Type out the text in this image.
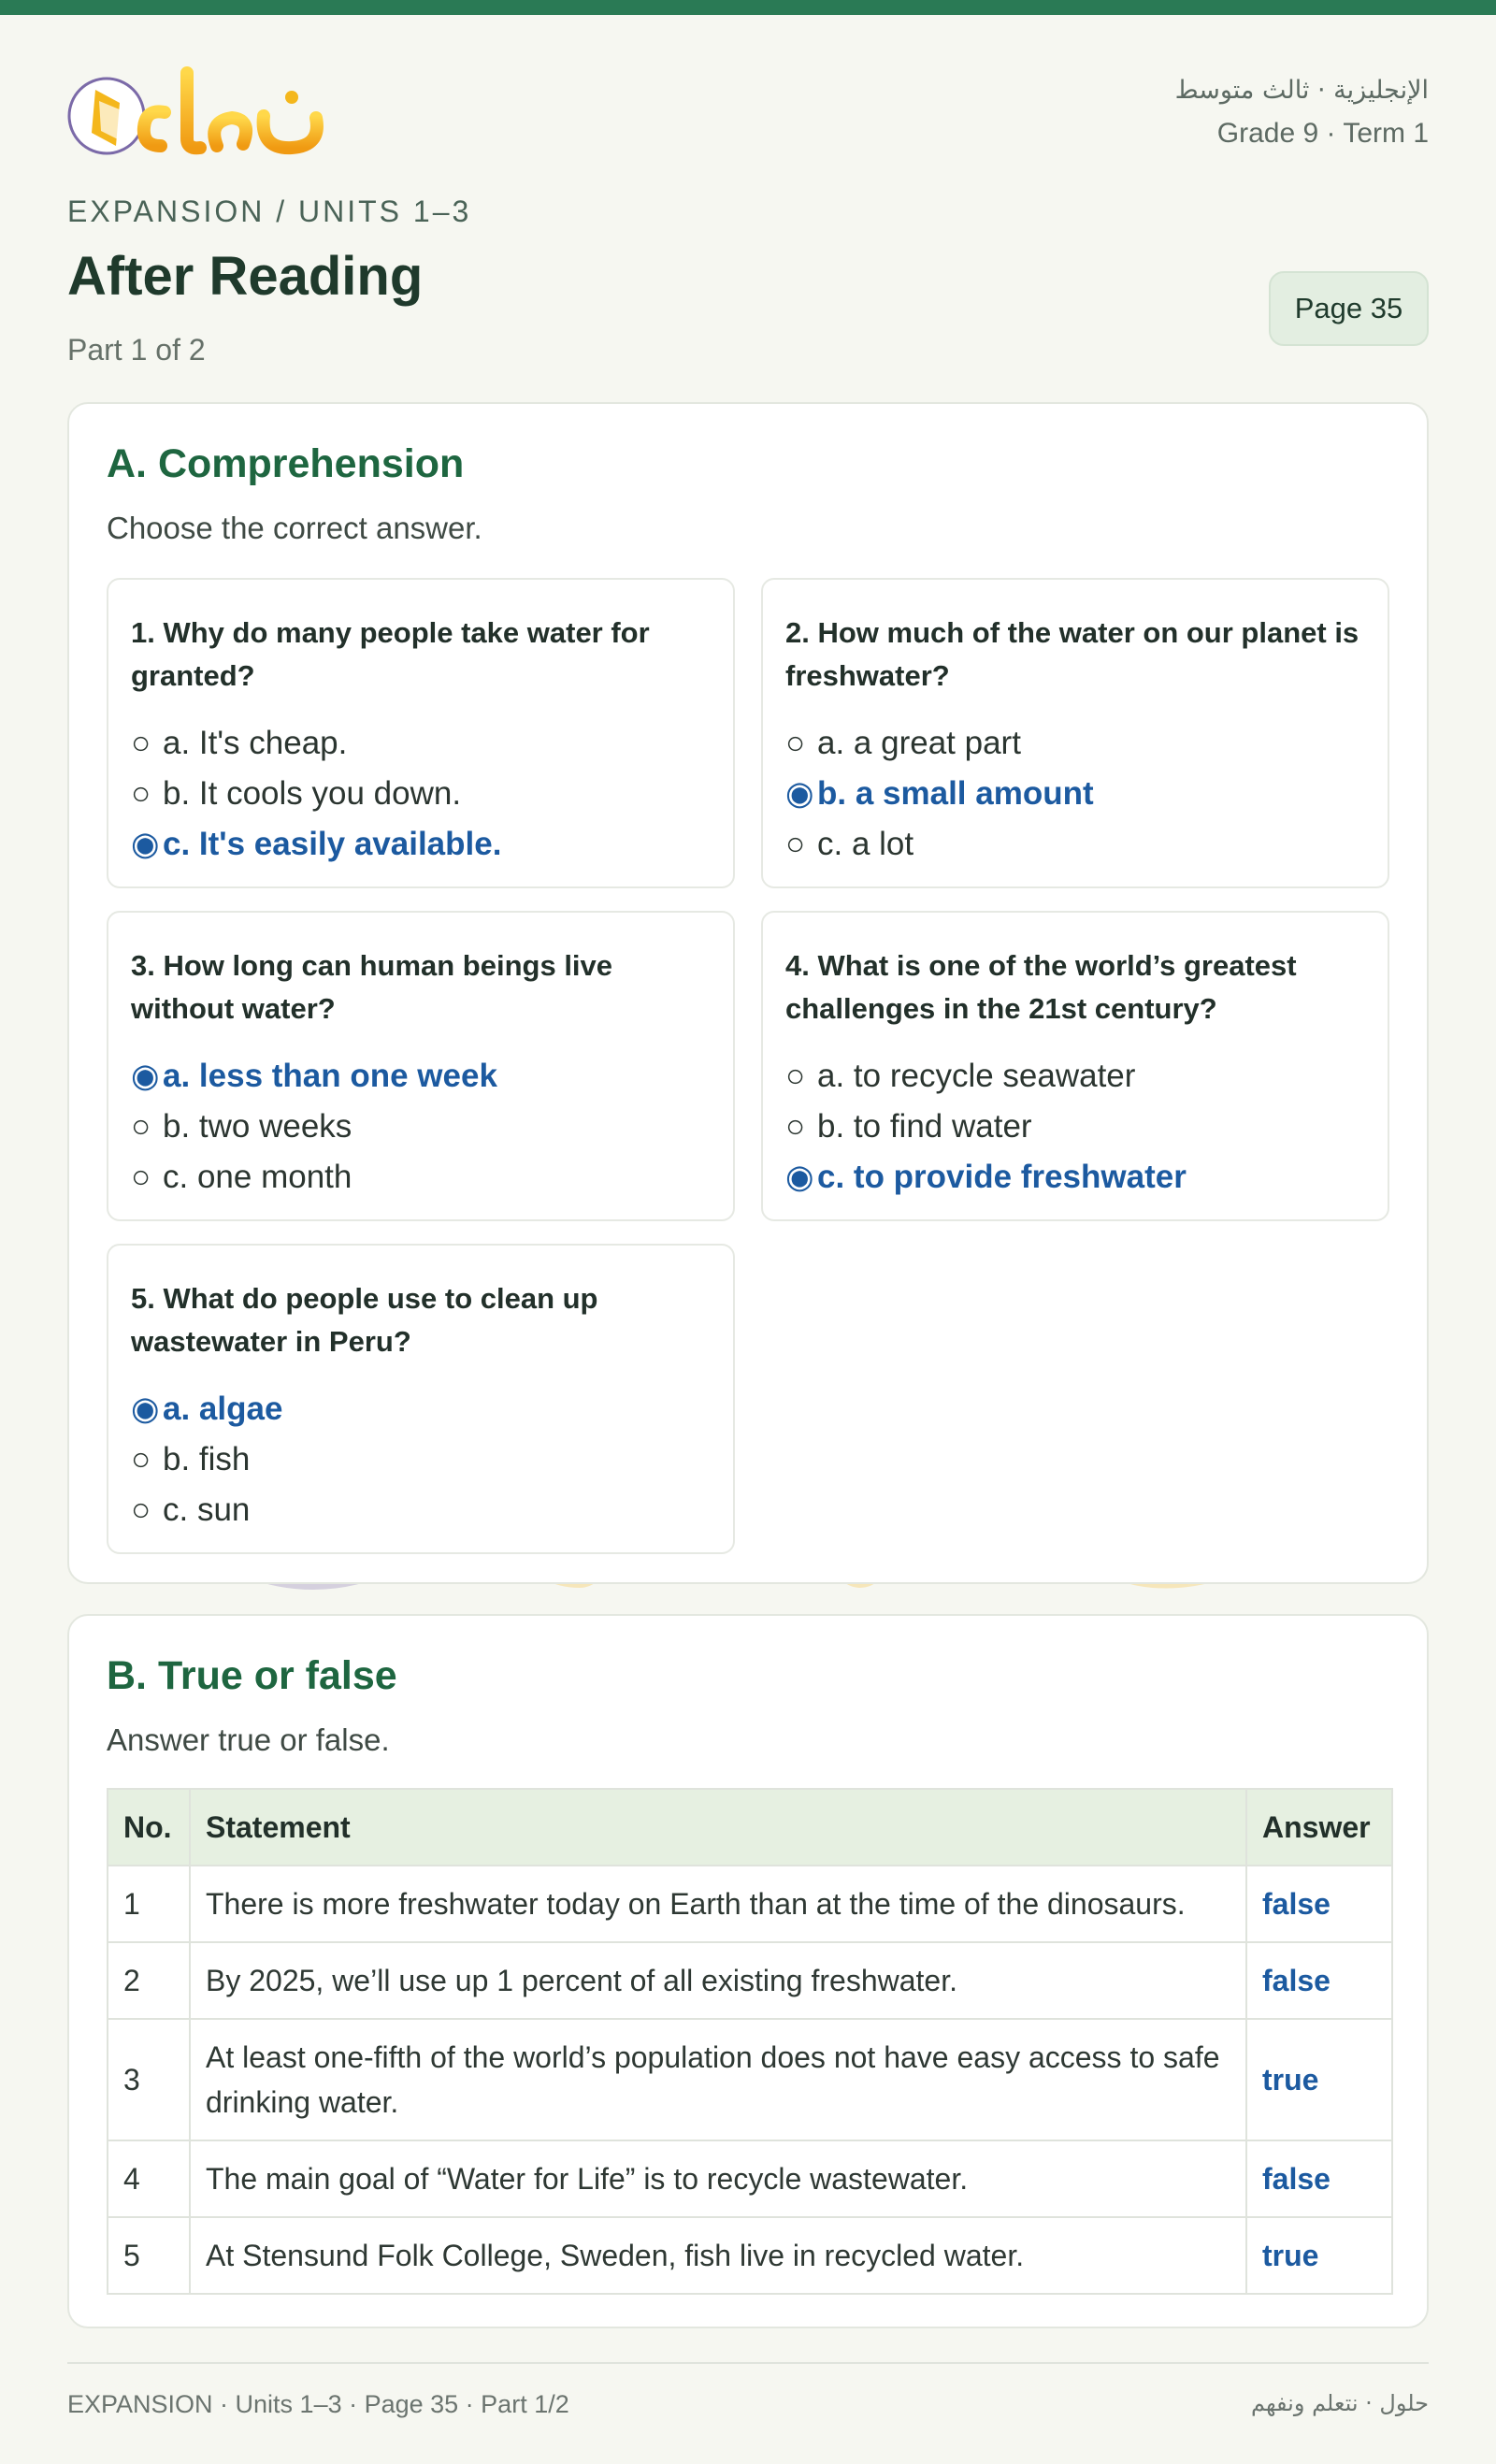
الإنجليزية · ثالث متوسط
Grade 9 · Term 1
EXPANSION / UNITS 1–3
After Reading
Part 1 of 2
Page 35
A. Comprehension
Choose the correct answer.
1. Why do many people take water for granted?
○ a. It's cheap.
○ b. It cools you down.
◉c. It's easily available.
2. How much of the water on our planet is freshwater?
○ a. a great part
◉b. a small amount
○ c. a lot
3. How long can human beings live without water?
◉a. less than one week
○ b. two weeks
○ c. one month
4. What is one of the world’s greatest challenges in the 21st century?
○ a. to recycle seawater
○ b. to find water
◉c. to provide freshwater
5. What do people use to clean up wastewater in Peru?
◉a. algae
○ b. fish
○ c. sun
B. True or false
Answer true or false.
No.	Statement	Answer
1	There is more freshwater today on Earth than at the time of the dinosaurs.	false
2	By 2025, we’ll use up 1 percent of all existing freshwater.	false
3	At least one-fifth of the world’s population does not have easy access to safe drinking water.	true
4	The main goal of “Water for Life” is to recycle wastewater.	false
5	At Stensund Folk College, Sweden, fish live in recycled water.	true
EXPANSION · Units 1–3 · Page 35 · Part 1/2	حلول · نتعلم ونفهم
